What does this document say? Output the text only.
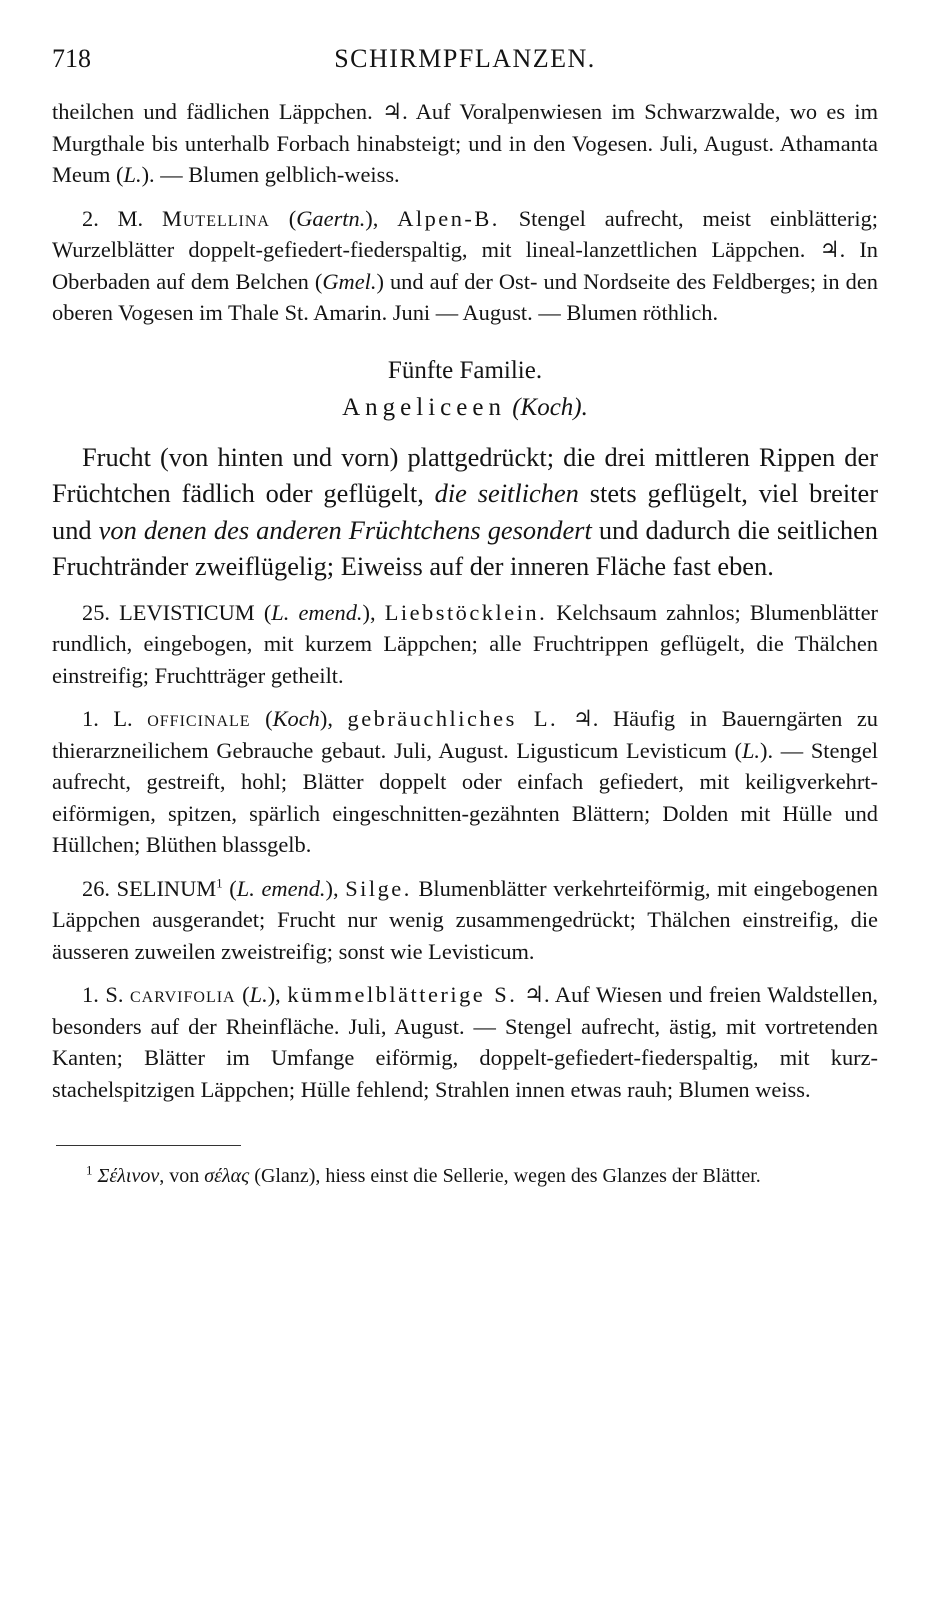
718	SCHIRMPFLANZEN.

theilchen und fädlichen Läppchen. ♃. Auf Voralpenwiesen im Schwarzwalde, wo es im Murgthale bis unterhalb Forbach hinabsteigt; und in den Vogesen. Juli, August. Athamanta Meum (L.). — Blumen gelblich-weiss.

2. M. Mutellina (Gaertn.), Alpen-B. Stengel aufrecht, meist einblätterig; Wurzelblätter doppelt-gefiedert-fiederspaltig, mit lineal-lanzettlichen Läppchen. ♃. In Oberbaden auf dem Belchen (Gmel.) und auf der Ost- und Nordseite des Feldberges; in den oberen Vogesen im Thale St. Amarin. Juni — August. — Blumen röthlich.

Fünfte Familie.
Angeliceen (Koch).

Frucht (von hinten und vorn) plattgedrückt; die drei mittleren Rippen der Früchtchen fädlich oder geflügelt, die seitlichen stets geflügelt, viel breiter und von denen des anderen Früchtchens gesondert und dadurch die seitlichen Fruchtränder zweiflügelig; Eiweiss auf der inneren Fläche fast eben.

25. LEVISTICUM (L. emend.), Liebstöcklein. Kelchsaum zahnlos; Blumenblätter rundlich, eingebogen, mit kurzem Läppchen; alle Fruchtrippen geflügelt, die Thälchen einstreifig; Fruchtträger getheilt.

1. L. officinale (Koch), gebräuchliches L. ♃. Häufig in Bauerngärten zu thierarzneilichem Gebrauche gebaut. Juli, August. Ligusticum Levisticum (L.). — Stengel aufrecht, gestreift, hohl; Blätter doppelt oder einfach gefiedert, mit keiligverkehrt-eiförmigen, spitzen, spärlich eingeschnitten-gezähnten Blättern; Dolden mit Hülle und Hüllchen; Blüthen blassgelb.

26. SELINUM$^1$ (L. emend.), Silge. Blumenblätter verkehrteiförmig, mit eingebogenen Läppchen ausgerandet; Frucht nur wenig zusammengedrückt; Thälchen einstreifig, die äusseren zuweilen zweistreifig; sonst wie Levisticum.

1. S. carvifolia (L.), kümmelblätterige S. ♃. Auf Wiesen und freien Waldstellen, besonders auf der Rheinfläche. Juli, August. — Stengel aufrecht, ästig, mit vortretenden Kanten; Blätter im Umfange eiförmig, doppelt-gefiedert-fiederspaltig, mit kurz-stachelspitzigen Läppchen; Hülle fehlend; Strahlen innen etwas rauh; Blumen weiss.

$^1$ Σέλινον, von σέλας (Glanz), hiess einst die Sellerie, wegen des Glanzes der Blätter.
